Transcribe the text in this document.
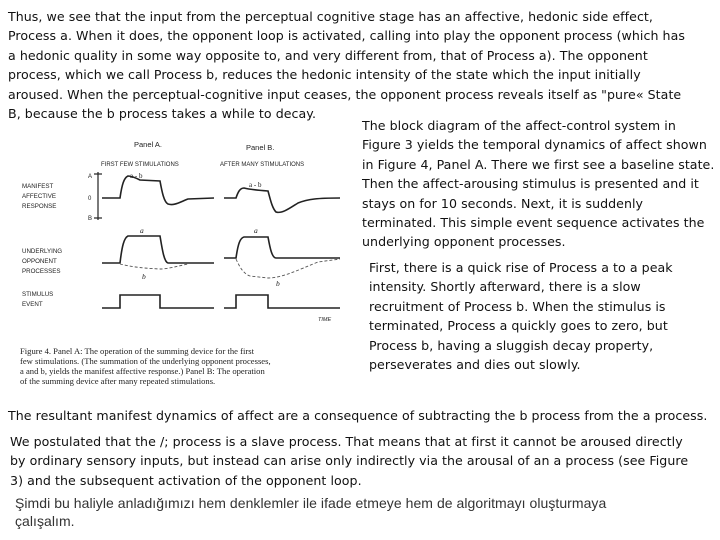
Thus, we see that the input from the perceptual cognitive stage has an affective, hedonic side effect,
Process a. When it does, the opponent loop is activated, calling into play the opponent process (which has
a hedonic quality in some way opposite to, and very different from, that of Process a). The opponent
process, which we call Process b, reduces the hedonic intensity of the state which the input initially
aroused. When the perceptual-cognitive input ceases, the opponent process reveals itself as "pure« State
B, because the b process takes a while to decay.
Panel A.	Panel B.
FIRST FEW STIMULATIONS	AFTER MANY STIMULATIONS
MANIFEST
AFFECTIVE
RESPONSE
UNDERLYING
OPPONENT
PROCESSES
STIMULUS
EVENT
A
0
B
a - b
a - b
a
b
a
b
TIME
Figure 4. Panel A: The operation of the summing device for the first
few stimulations. (The summation of the underlying opponent processes,
a and b, yields the manifest affective response.) Panel B: The operation
of the summing device after many repeated stimulations.
The block diagram of the affect-control system in
Figure 3 yields the temporal dynamics of affect shown
in Figure 4, Panel A. There we first see a baseline state.
Then the affect-arousing stimulus is presented and it
stays on for 10 seconds. Next, it is suddenly
terminated. This simple event sequence activates the
underlying opponent processes.
First, there is a quick rise of Process a to a peak
intensity. Shortly afterward, there is a slow
recruitment of Process b. When the stimulus is
terminated, Process a quickly goes to zero, but
Process b, having a sluggish decay property,
perseverates and dies out slowly.
The resultant manifest dynamics of affect are a consequence of subtracting the b process from the a process.
We postulated that the /; process is a slave process. That means that at first it cannot be aroused directly
by ordinary sensory inputs, but instead can arise only indirectly via the arousal of an a process (see Figure
3) and the subsequent activation of the opponent loop.
Şimdi bu haliyle anladığımızı hem denklemler ile ifade etmeye hem de algoritmayı oluşturmaya
çalışalım.
